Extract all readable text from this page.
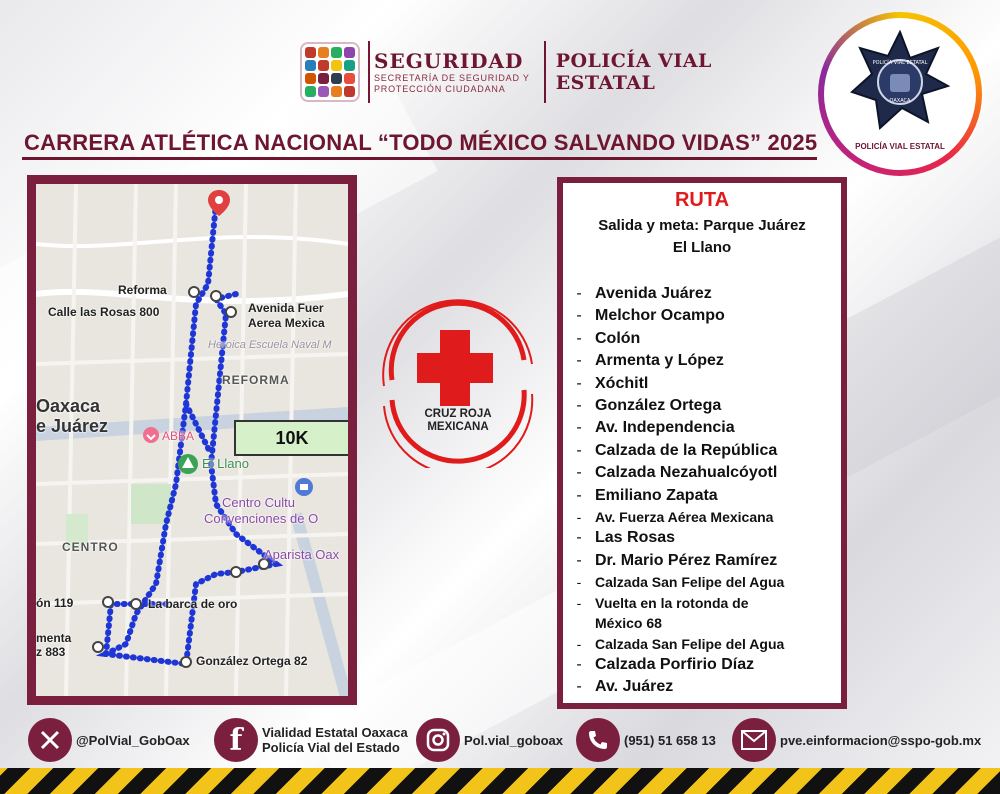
SEGURIDAD
SECRETARÍA DE SEGURIDAD Y
PROTECCIÓN CIUDADANA
POLICÍA VIAL
ESTATAL
POLICÍA VIAL ESTATAL
OAXACA
POLICÍA VIAL ESTATAL
CARRERA ATLÉTICA NACIONAL “TODO MÉXICO SALVANDO VIDAS” 2025
Reforma
Calle las Rosas 800	Avenida Fuer
Aerea Mexica
Heroica Escuela Naval M
REFORMA
Oaxaca
e Juárez	ABBA
El Llano
Centro Cultu
Convenciones de O
CENTRO	Aparista Oax
ón 119	La barca de oro
menta
z 883
González Ortega 82
10K
CRUZ ROJA
MEXICANA
RUTA
Salida y meta: Parque Juárez
El Llano
- Avenida Juárez
- Melchor Ocampo
- Colón
- Armenta y López
- Xóchitl
- González Ortega
- Av. Independencia
- Calzada de la República
- Calzada Nezahualcóyotl
- Emiliano Zapata
- Av. Fuerza Aérea Mexicana
- Las Rosas
- Dr. Mario Pérez Ramírez
- Calzada San Felipe del Agua
- Vuelta en la rotonda de
México 68
- Calzada San Felipe del Agua
- Calzada Porfirio Díaz
- Av. Juárez
@PolVial_GobOax	f	Vialidad Estatal Oaxaca
Policía Vial del Estado	Pol.vial_goboax	(951) 51 658 13	pve.einformacion@sspo-gob.mx
